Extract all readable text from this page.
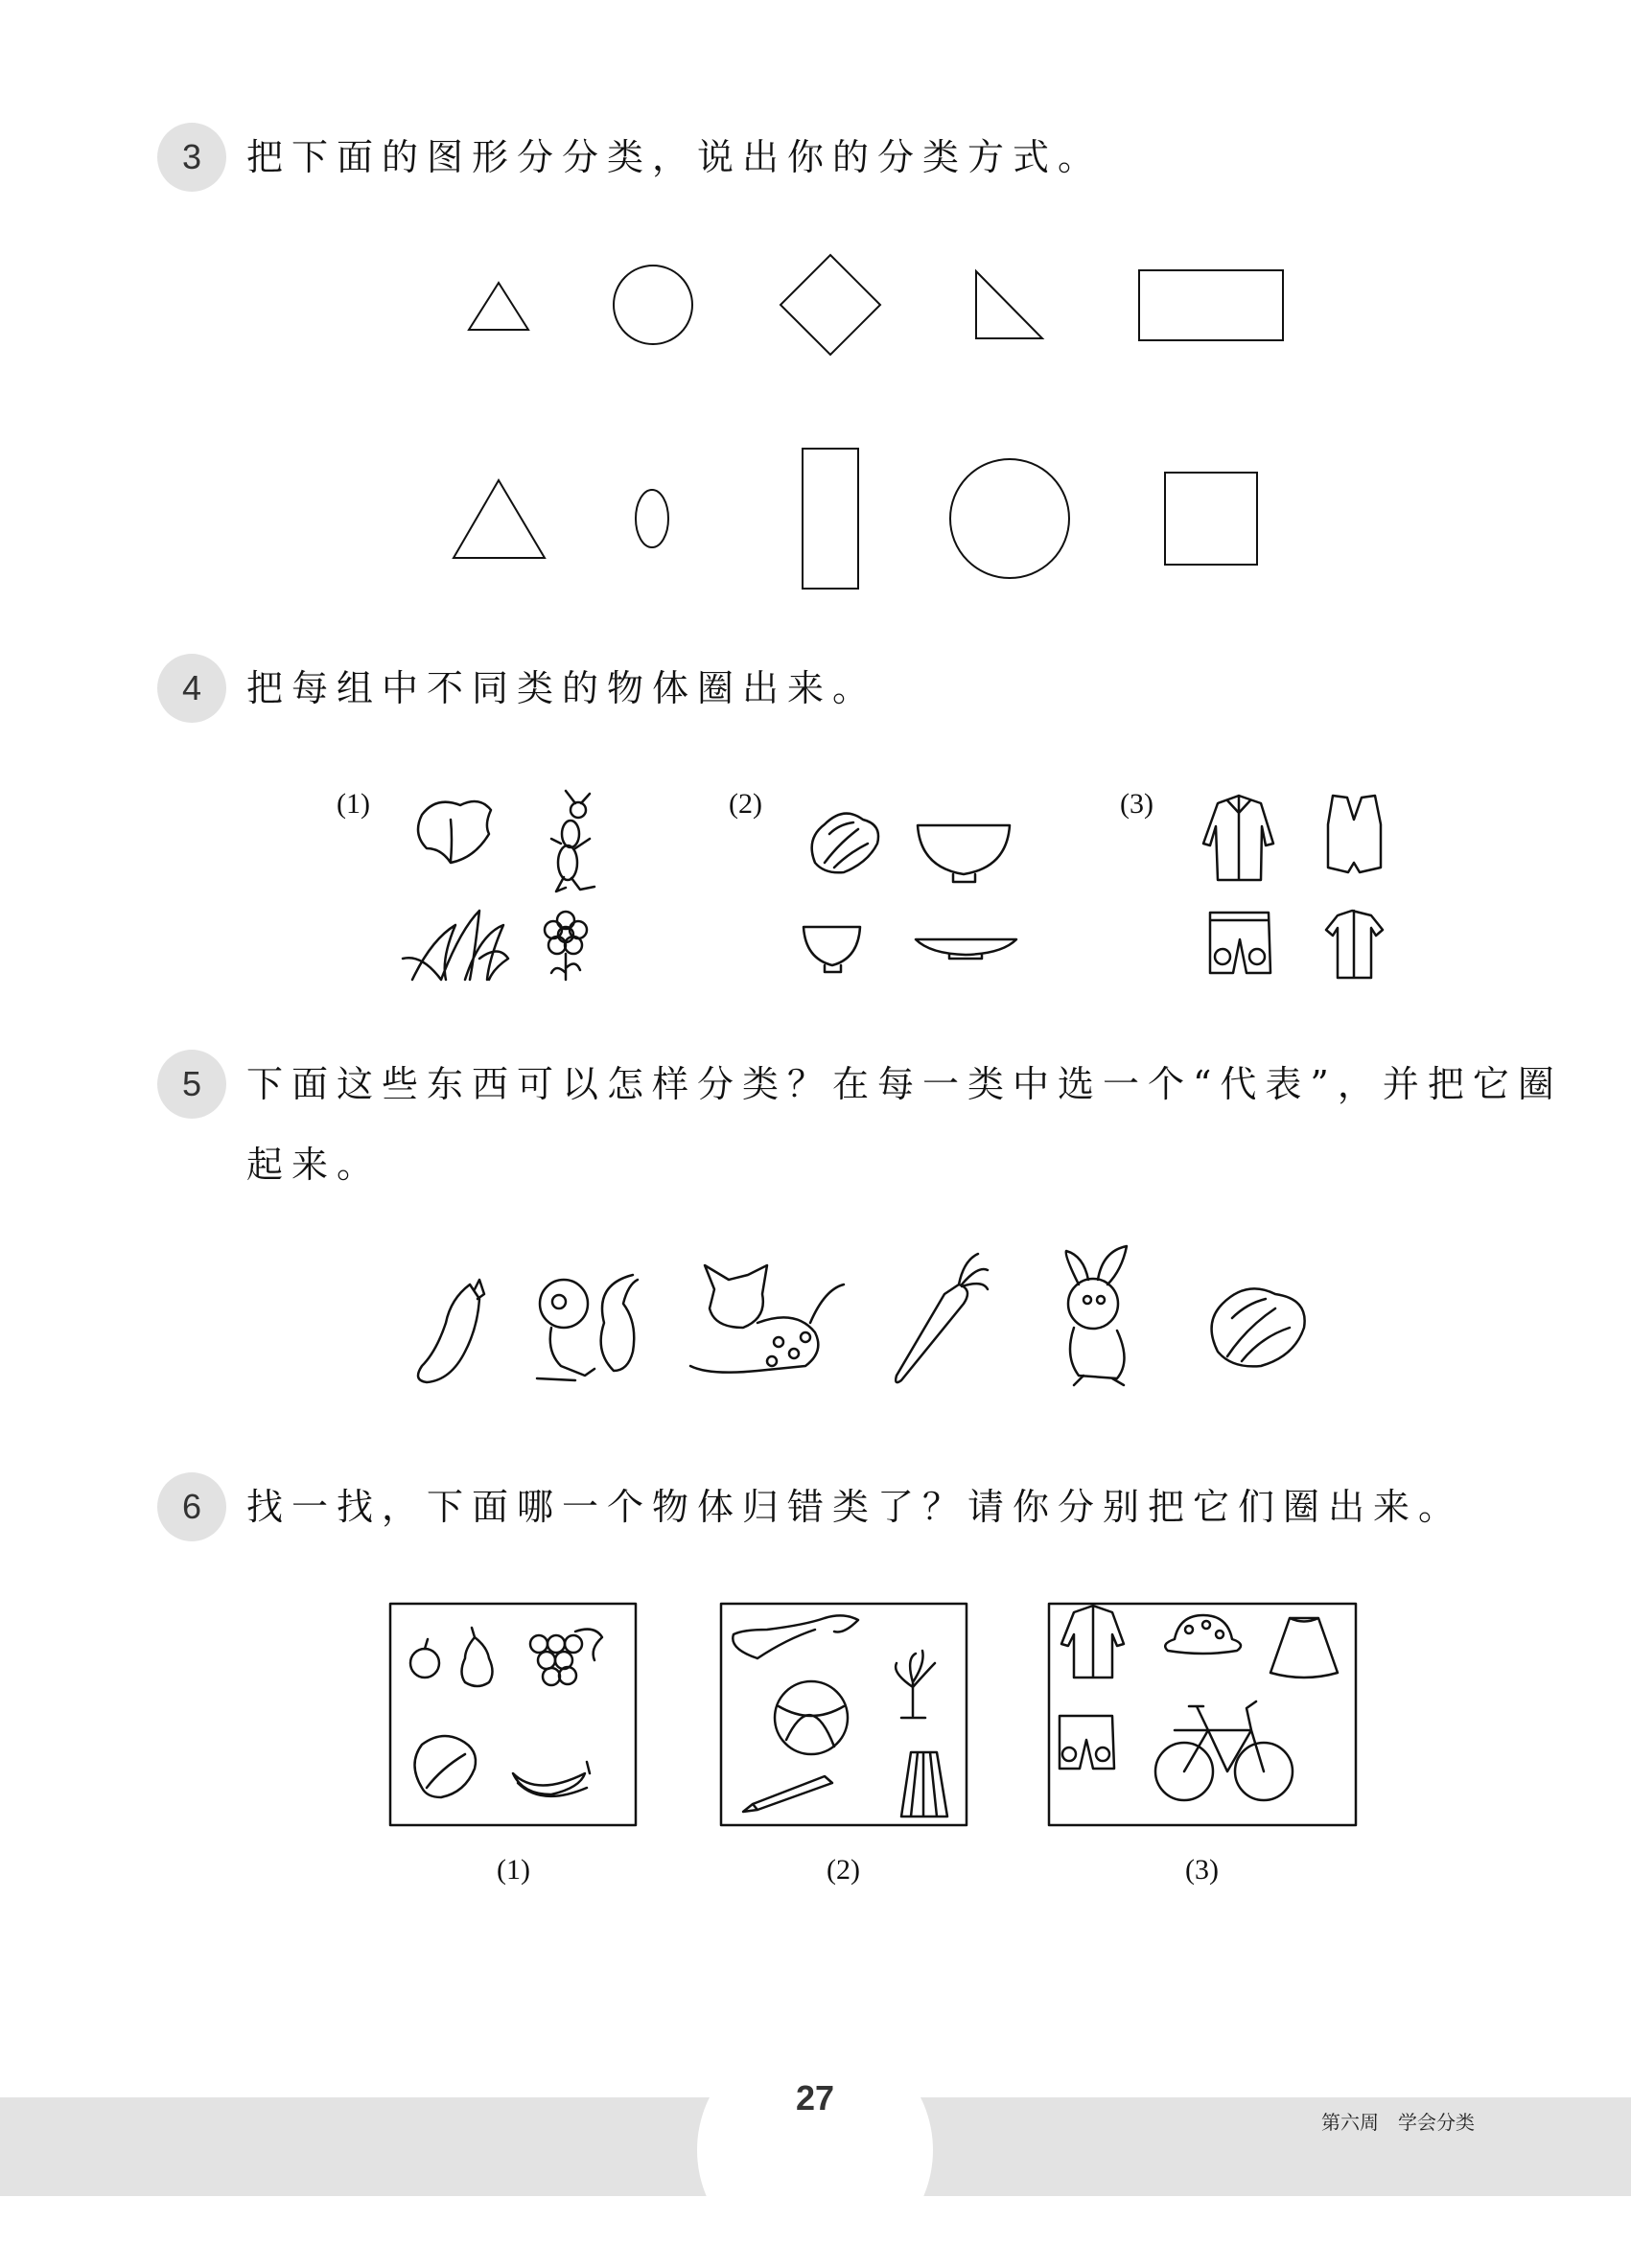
3	把下面的图形分分类，说出你的分类方式。
4	把每组中不同类的物体圈出来。
(1)	(2)	(3)
5	下面这些东西可以怎样分类？在每一类中选一个“代表”，并把它圈
起来。
6	找一找，下面哪一个物体归错类了？请你分别把它们圈出来。
(1)	(2)	(3)
27
第六周　学会分类
